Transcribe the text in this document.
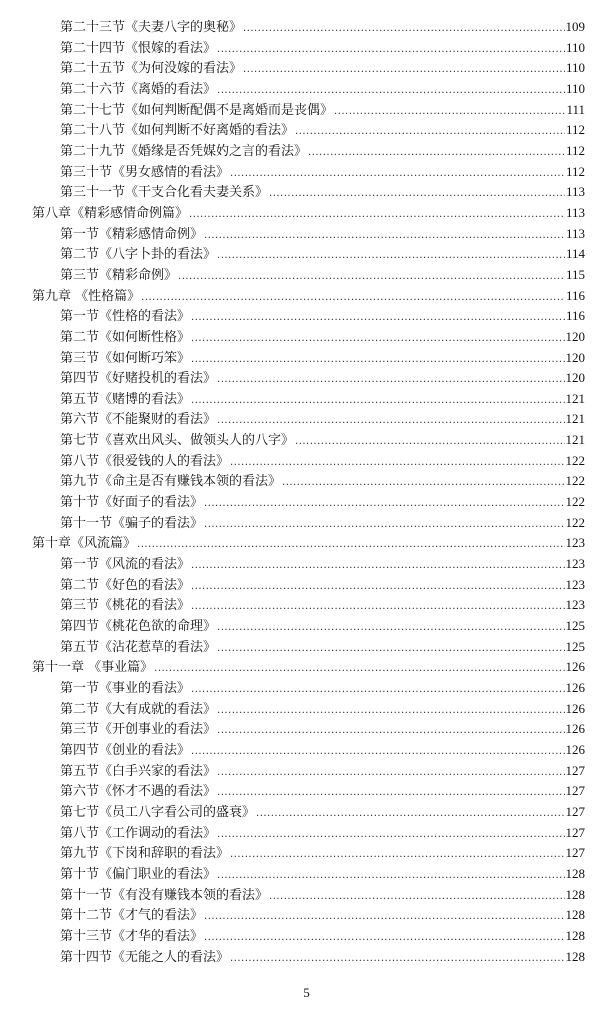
第二十三节《夫妻八字的奥秘》 .....	109
第二十四节《恨嫁的看法》 .....	110
第二十五节《为何没嫁的看法》 .....	110
第二十六节《离婚的看法》 .....	110
第二十七节《如何判断配偶不是离婚而是丧偶》 .....	111
第二十八节《如何判断不好离婚的看法》 .....	112
第二十九节《婚缘是否凭媒妁之言的看法》 .....	112
第三十节《男女感情的看法》 .....	112
第三十一节《干支合化看夫妻关系》 .....	113
第八章《精彩感情命例篇》 .....	113
第一节《精彩感情命例》 .....	113
第二节《八字卜卦的看法》 .....	114
第三节《精彩命例》 .....	115
第九章 《性格篇》 .....	116
第一节《性格的看法》 .....	116
第二节《如何断性格》 .....	120
第三节《如何断巧笨》 .....	120
第四节《好赌投机的看法》 .....	120
第五节《赌博的看法》 .....	121
第六节《不能聚财的看法》 .....	121
第七节《喜欢出风头、做领头人的八字》 .....	121
第八节《很爱钱的人的看法》 .....	122
第九节《命主是否有赚钱本领的看法》 .....	122
第十节《好面子的看法》 .....	122
第十一节《骗子的看法》 .....	122
第十章《风流篇》 .....	123
第一节《风流的看法》 .....	123
第二节《好色的看法》 .....	123
第三节《桃花的看法》 .....	123
第四节《桃花色欲的命理》 .....	125
第五节《沾花惹草的看法》 .....	125
第十一章 《事业篇》 .....	126
第一节《事业的看法》 .....	126
第二节《大有成就的看法》 .....	126
第三节《开创事业的看法》 .....	126
第四节《创业的看法》 .....	126
第五节《白手兴家的看法》 .....	127
第六节《怀才不遇的看法》 .....	127
第七节《员工八字看公司的盛衰》 .....	127
第八节《工作调动的看法》 .....	127
第九节《下岗和辞职的看法》 .....	127
第十节《偏门职业的看法》 .....	128
第十一节《有没有赚钱本领的看法》 .....	128
第十二节《才气的看法》 .....	128
第十三节《才华的看法》 .....	128
第十四节《无能之人的看法》 .....	128
5
